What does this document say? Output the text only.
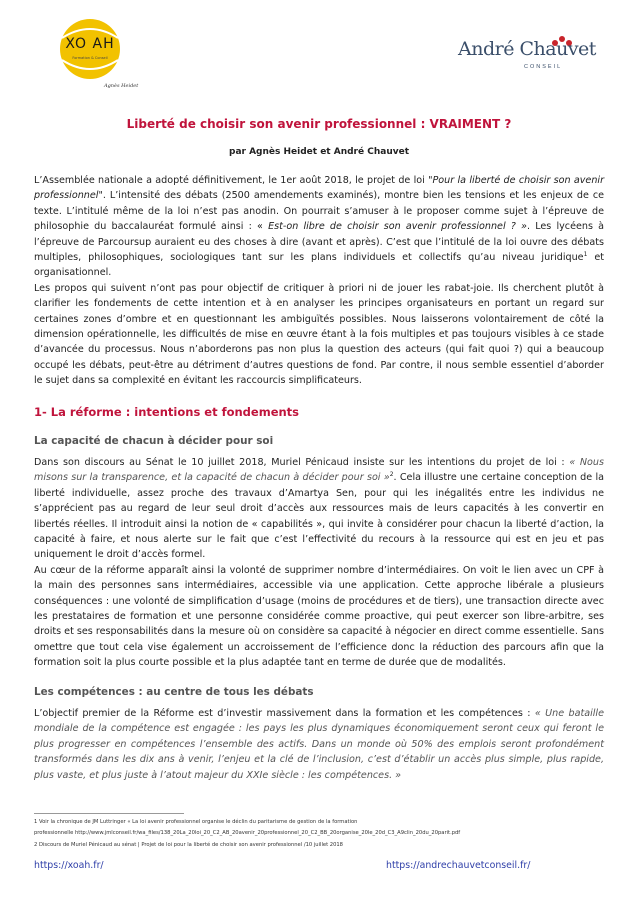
XO AH
Formation & Conseil
Agnès Heidet
André Chauvet
CONSEIL
Liberté de choisir son avenir professionnel : VRAIMENT ?
par Agnès Heidet et André Chauvet

L’Assemblée nationale a adopté définitivement, le 1er août 2018, le projet de loi "Pour la liberté de choisir son avenir professionnel". L’intensité des débats (2500 amendements examinés), montre bien les tensions et les enjeux de ce texte. L’intitulé même de la loi n’est pas anodin. On pourrait s’amuser à le proposer comme sujet à l’épreuve de philosophie du baccalauréat formulé ainsi : « Est-on libre de choisir son avenir professionnel ? ». Les lycéens à l’épreuve de Parcoursup auraient eu des choses à dire (avant et après). C’est que l’intitulé de la loi ouvre des débats multiples, philosophiques, sociologiques tant sur les plans individuels et collectifs qu’au niveau juridique$^1$ et organisationnel.

Les propos qui suivent n’ont pas pour objectif de critiquer à priori ni de jouer les rabat-joie. Ils cherchent plutôt à clarifier les fondements de cette intention et à en analyser les principes organisateurs en portant un regard sur certaines zones d’ombre et en questionnant les ambiguïtés possibles. Nous laisserons volontairement de côté la dimension opérationnelle, les difficultés de mise en œuvre étant à la fois multiples et pas toujours visibles à ce stade d’avancée du processus. Nous n’aborderons pas non plus la question des acteurs (qui fait quoi ?) qui a beaucoup occupé les débats, peut-être au détriment d’autres questions de fond. Par contre, il nous semble essentiel d’aborder le sujet dans sa complexité en évitant les raccourcis simplificateurs.

1- La réforme : intentions et fondements
La capacité de chacun à décider pour soi

Dans son discours au Sénat le 10 juillet 2018, Muriel Pénicaud insiste sur les intentions du projet de loi : « Nous misons sur la transparence, et la capacité de chacun à décider pour soi »$^2$. Cela illustre une certaine conception de la liberté individuelle, assez proche des travaux d’Amartya Sen, pour qui les inégalités entre les individus ne s’apprécient pas au regard de leur seul droit d’accès aux ressources mais de leurs capacités à les convertir en libertés réelles. Il introduit ainsi la notion de « capabilités », qui invite à considérer pour chacun la liberté d’action, la capacité à faire, et nous alerte sur le fait que c’est l’effectivité du recours à la ressource qui est en jeu et pas uniquement le droit d’accès formel.

Au cœur de la réforme apparaît ainsi la volonté de supprimer nombre d’intermédiaires. On voit le lien avec un CPF à la main des personnes sans intermédiaires, accessible via une application. Cette approche libérale a plusieurs conséquences : une volonté de simplification d’usage (moins de procédures et de tiers), une transaction directe avec les prestataires de formation et une personne considérée comme proactive, qui peut exercer son libre-arbitre, ses droits et ses responsabilités dans la mesure où on considère sa capacité à négocier en direct comme essentielle. Sans omettre que tout cela vise également un accroissement de l’efficience donc la réduction des parcours afin que la formation soit la plus courte possible et la plus adaptée tant en terme de durée que de modalités.

Les compétences : au centre de tous les débats

L’objectif premier de la Réforme est d’investir massivement dans la formation et les compétences : « Une bataille mondiale de la compétence est engagée : les pays les plus dynamiques économiquement seront ceux qui feront le plus progresser en compétences l’ensemble des actifs. Dans un monde où 50% des emplois seront profondément transformés dans les dix ans à venir, l’enjeu et la clé de l’inclusion, c’est d’établir un accès plus simple, plus rapide, plus vaste, et plus juste à l’atout majeur du XXIe siècle : les compétences. »

1 Voir la chronique de JM Luttringer « La loi avenir professionnel organise le déclin du paritarisme de gestion de la formation
professionnelle http://www.jmlconseil.fr/wa_files/138_20La_20loi_20_C2_AB_20avenir_20professionnel_20_C2_BB_20organise_20le_20d_C3_A9clin_20du_20parit.pdf
2 Discours de Muriel Pénicaud au sénat | Projet de loi pour la liberté de choisir son avenir professionnel /10 juillet 2018
https://xoah.fr/	https://andrechauvetconseil.fr/
